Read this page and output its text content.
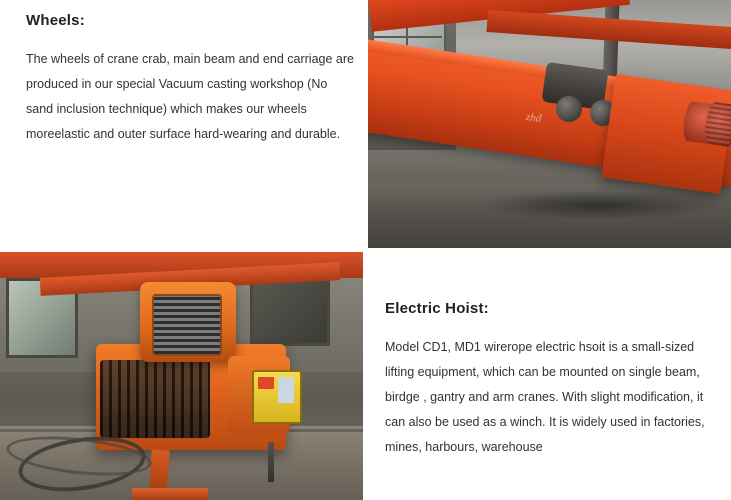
Wheels:

The wheels of crane crab, main beam and end carriage are produced in our special Vacuum casting workshop (No sand inclusion technique) which makes our wheels moreelastic and outer surface hard-wearing and durable.

zhd
Electric Hoist:

Model CD1, MD1 wirerope electric hsoit is a small-sized lifting equipment, which can be mounted on single beam, birdge , gantry and arm cranes. With slight modification, it can also be used as a winch. It is widely used in factories, mines, harbours, warehouse
